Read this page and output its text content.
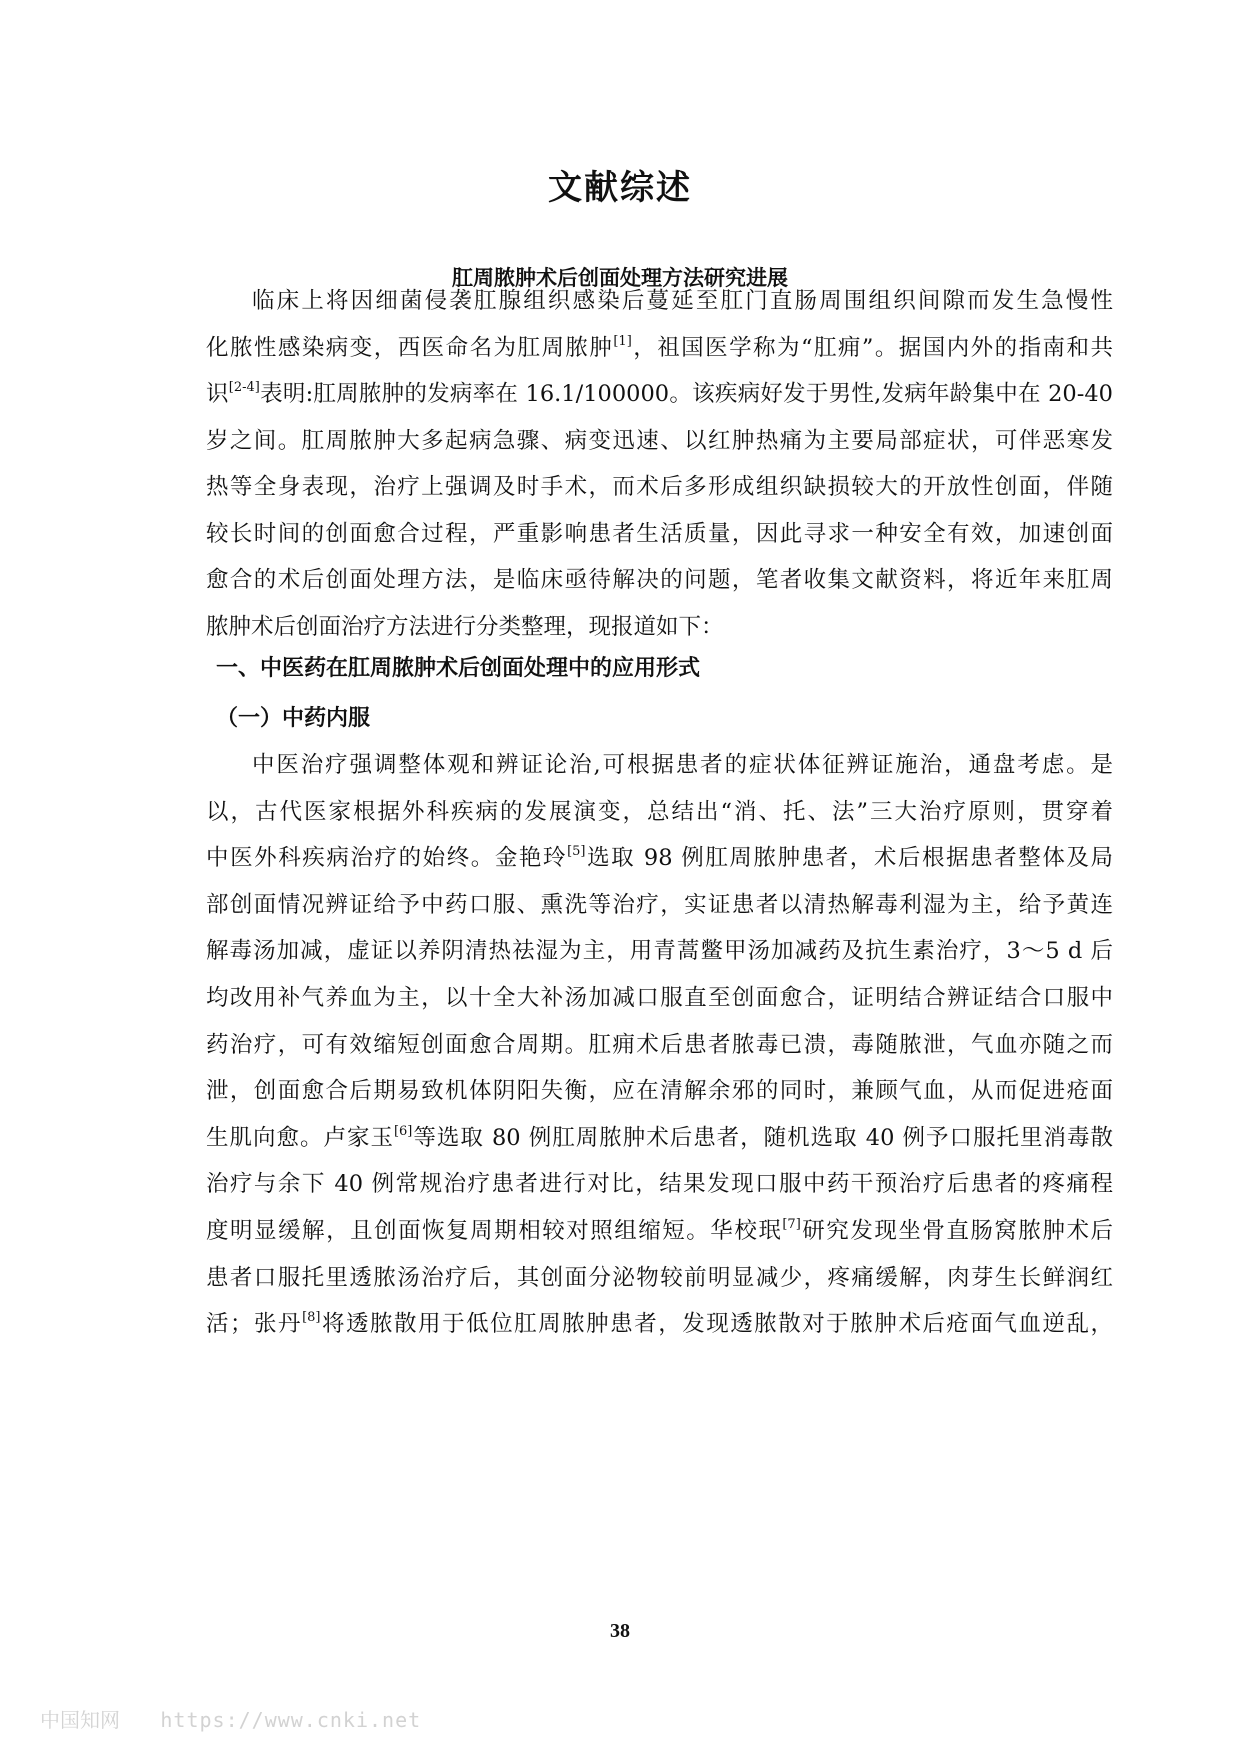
文献综述
肛周脓肿术后创面处理方法研究进展
临床上将因细菌侵袭肛腺组织感染后蔓延至肛门直肠周围组织间隙而发生急慢性
化脓性感染病变，西医命名为肛周脓肿[1]，祖国医学称为“肛痈”。据国内外的指南和共
识[2-4]表明:肛周脓肿的发病率在 16.1/100000。该疾病好发于男性,发病年龄集中在 20-40
岁之间。肛周脓肿大多起病急骤、病变迅速、以红肿热痛为主要局部症状，可伴恶寒发
热等全身表现，治疗上强调及时手术，而术后多形成组织缺损较大的开放性创面，伴随
较长时间的创面愈合过程，严重影响患者生活质量，因此寻求一种安全有效，加速创面
愈合的术后创面处理方法，是临床亟待解决的问题，笔者收集文献资料，将近年来肛周
脓肿术后创面治疗方法进行分类整理，现报道如下：
一、中医药在肛周脓肿术后创面处理中的应用形式
（一）中药内服
中医治疗强调整体观和辨证论治,可根据患者的症状体征辨证施治，通盘考虑。是
以，古代医家根据外科疾病的发展演变，总结出“消、托、法”三大治疗原则，贯穿着
中医外科疾病治疗的始终。金艳玲[5]选取 98 例肛周脓肿患者，术后根据患者整体及局
部创面情况辨证给予中药口服、熏洗等治疗，实证患者以清热解毒利湿为主，给予黄连
解毒汤加减，虚证以养阴清热祛湿为主，用青蒿鳖甲汤加减药及抗生素治疗，3～5 d 后
均改用补气养血为主，以十全大补汤加减口服直至创面愈合，证明结合辨证结合口服中
药治疗，可有效缩短创面愈合周期。肛痈术后患者脓毒已溃，毒随脓泄，气血亦随之而
泄，创面愈合后期易致机体阴阳失衡，应在清解余邪的同时，兼顾气血，从而促进疮面
生肌向愈。卢家玉[6]等选取 80 例肛周脓肿术后患者，随机选取 40 例予口服托里消毒散
治疗与余下 40 例常规治疗患者进行对比，结果发现口服中药干预治疗后患者的疼痛程
度明显缓解，且创面恢复周期相较对照组缩短。华校珉[7]研究发现坐骨直肠窝脓肿术后
患者口服托里透脓汤治疗后，其创面分泌物较前明显减少，疼痛缓解，肉芽生长鲜润红
活；张丹[8]将透脓散用于低位肛周脓肿患者，发现透脓散对于脓肿术后疮面气血逆乱，
38
中国知网 https://www.cnki.net
